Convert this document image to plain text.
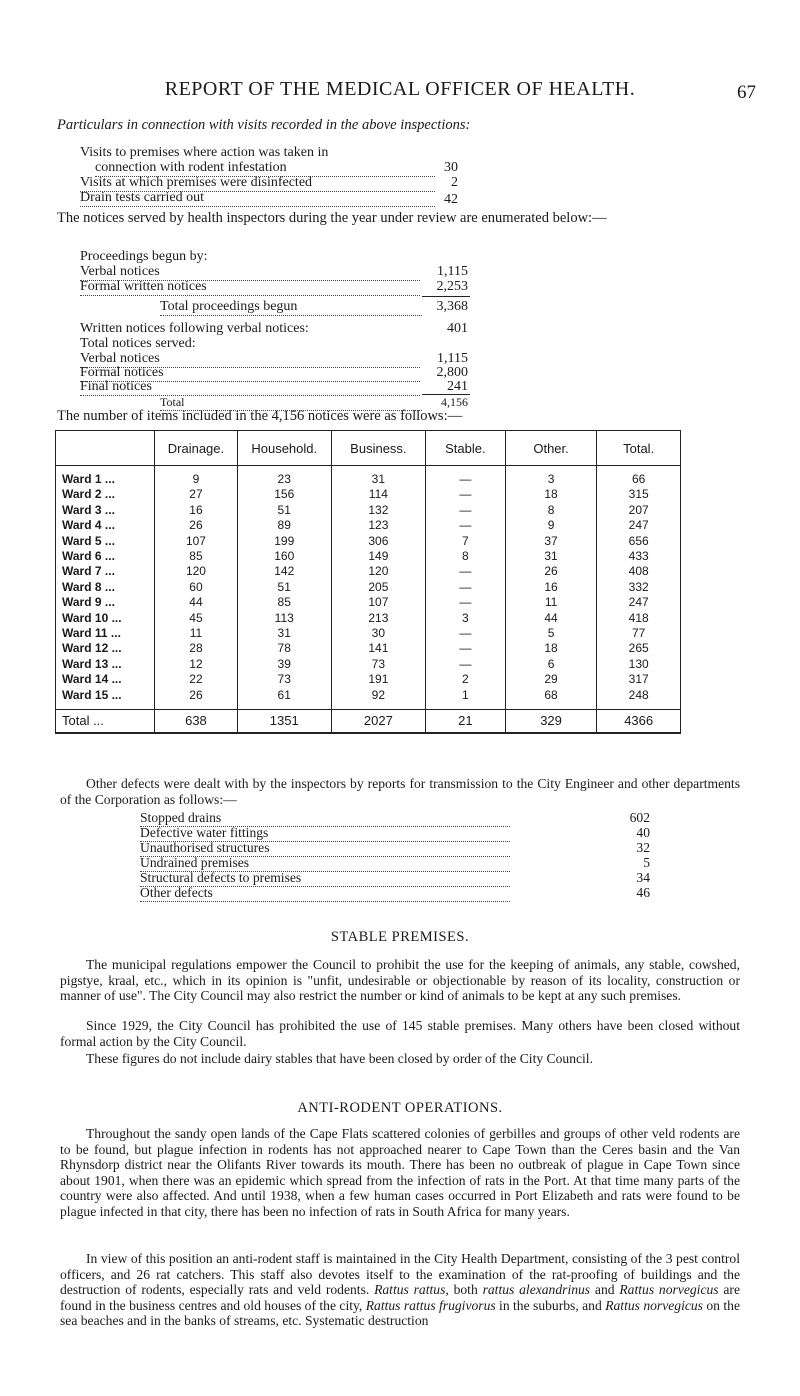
REPORT OF THE MEDICAL OFFICER OF HEALTH.	67
Particulars in connection with visits recorded in the above inspections:
Visits to premises where action was taken in
connection with rodent infestation	30
Visits at which premises were disinfected	2
Drain tests carried out	42
The notices served by health inspectors during the year under review are enumerated below:—
Proceedings begun by:
Verbal notices	1,115
Formal written notices	2,253
Total proceedings begun	3,368
The number of items included in the 4,156 notices were as follows:—
	Drainage.	Household.	Business.	Stable.	Other.	Total.

Ward 1 ...	9	23	31	—	3	66
Ward 2 ...	27	156	114	—	18	315
Ward 3 ...	16	51	132	—	8	207
Ward 4 ...	26	89	123	—	9	247
Ward 5 ...	107	199	306	7	37	656
Ward 6 ...	85	160	149	8	31	433
Ward 7 ...	120	142	120	—	26	408
Ward 8 ...	60	51	205	—	16	332
Ward 9 ...	44	85	107	—	11	247
Ward 10 ...	45	113	213	3	44	418
Ward 11 ...	11	31	30	—	5	77
Ward 12 ...	28	78	141	—	18	265
Ward 13 ...	12	39	73	—	6	130
Ward 14 ...	22	73	191	2	29	317
Ward 15 ...	26	61	92	1	68	248

Total ...	638	1351	2027	21	329	4366
Other defects were dealt with by the inspectors by reports for transmission to the City Engineer and other departments of the Corporation as follows:—
Stopped drains	602
Defective water fittings	40
Unauthorised structures	32
Undrained premises	5
Structural defects to premises	34
Other defects	46
STABLE PREMISES.
The municipal regulations empower the Council to prohibit the use for the keeping of animals, any stable, cowshed, pigstye, kraal, etc., which in its opinion is "unfit, undesirable or objectionable by reason of its locality, construction or manner of use". The City Council may also restrict the number or kind of animals to be kept at any such premises.
Since 1929, the City Council has prohibited the use of 145 stable premises. Many others have been closed without formal action by the City Council.
These figures do not include dairy stables that have been closed by order of the City Council.
ANTI-RODENT OPERATIONS.
Throughout the sandy open lands of the Cape Flats scattered colonies of gerbilles and groups of other veld rodents are to be found, but plague infection in rodents has not approached nearer to Cape Town than the Ceres basin and the Van Rhynsdorp district near the Olifants River towards its mouth. There has been no outbreak of plague in Cape Town since about 1901, when there was an epidemic which spread from the infection of rats in the Port. At that time many parts of the country were also affected. And until 1938, when a few human cases occurred in Port Elizabeth and rats were found to be plague infected in that city, there has been no infection of rats in South Africa for many years.
In view of this position an anti-rodent staff is maintained in the City Health Department, consisting of the 3 pest control officers, and 26 rat catchers. This staff also devotes itself to the examination of the rat-proofing of buildings and the destruction of rodents, especially rats and veld rodents. Rattus rattus, both rattus alexandrinus and Rattus norvegicus are found in the business centres and old houses of the city, Rattus rattus frugivorus in the suburbs, and Rattus norvegicus on the sea beaches and in the banks of streams, etc. Systematic destruction
Written notices following verbal notices:	401
Total notices served:
Verbal notices	1,115
Formal notices	2,800
Final notices	241
Total	4,156
